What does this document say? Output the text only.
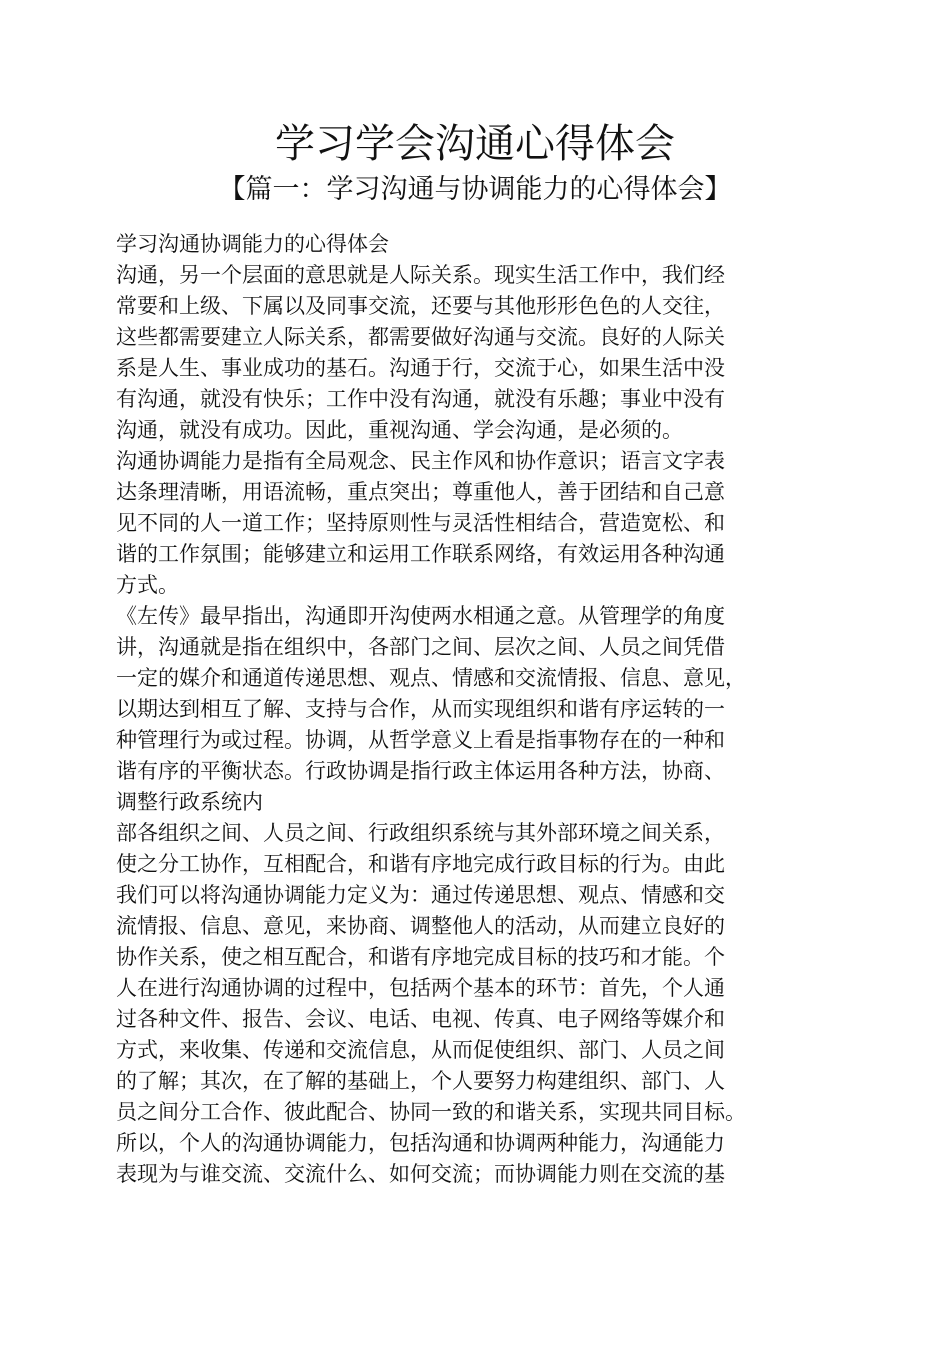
学习学会沟通心得体会
【篇一：学习沟通与协调能力的心得体会】
学习沟通协调能力的心得体会
沟通，另一个层面的意思就是人际关系。现实生活工作中，我们经
常要和上级、下属以及同事交流，还要与其他形形色色的人交往，
这些都需要建立人际关系，都需要做好沟通与交流。良好的人际关
系是人生、事业成功的基石。沟通于行，交流于心，如果生活中没
有沟通，就没有快乐；工作中没有沟通，就没有乐趣；事业中没有
沟通，就没有成功。因此，重视沟通、学会沟通，是必须的。
沟通协调能力是指有全局观念、民主作风和协作意识；语言文字表
达条理清晰，用语流畅，重点突出；尊重他人，善于团结和自己意
见不同的人一道工作；坚持原则性与灵活性相结合，营造宽松、和
谐的工作氛围；能够建立和运用工作联系网络，有效运用各种沟通
方式。
《左传》最早指出，沟通即开沟使两水相通之意。从管理学的角度
讲，沟通就是指在组织中，各部门之间、层次之间、人员之间凭借
一定的媒介和通道传递思想、观点、情感和交流情报、信息、意见，
以期达到相互了解、支持与合作，从而实现组织和谐有序运转的一
种管理行为或过程。协调，从哲学意义上看是指事物存在的一种和
谐有序的平衡状态。行政协调是指行政主体运用各种方法，协商、
调整行政系统内
部各组织之间、人员之间、行政组织系统与其外部环境之间关系，
使之分工协作，互相配合，和谐有序地完成行政目标的行为。由此
我们可以将沟通协调能力定义为：通过传递思想、观点、情感和交
流情报、信息、意见，来协商、调整他人的活动，从而建立良好的
协作关系，使之相互配合，和谐有序地完成目标的技巧和才能。个
人在进行沟通协调的过程中，包括两个基本的环节：首先，个人通
过各种文件、报告、会议、电话、电视、传真、电子网络等媒介和
方式，来收集、传递和交流信息，从而促使组织、部门、人员之间
的了解；其次，在了解的基础上，个人要努力构建组织、部门、人
员之间分工合作、彼此配合、协同一致的和谐关系，实现共同目标。
所以，个人的沟通协调能力，包括沟通和协调两种能力，沟通能力
表现为与谁交流、交流什么、如何交流；而协调能力则在交流的基
